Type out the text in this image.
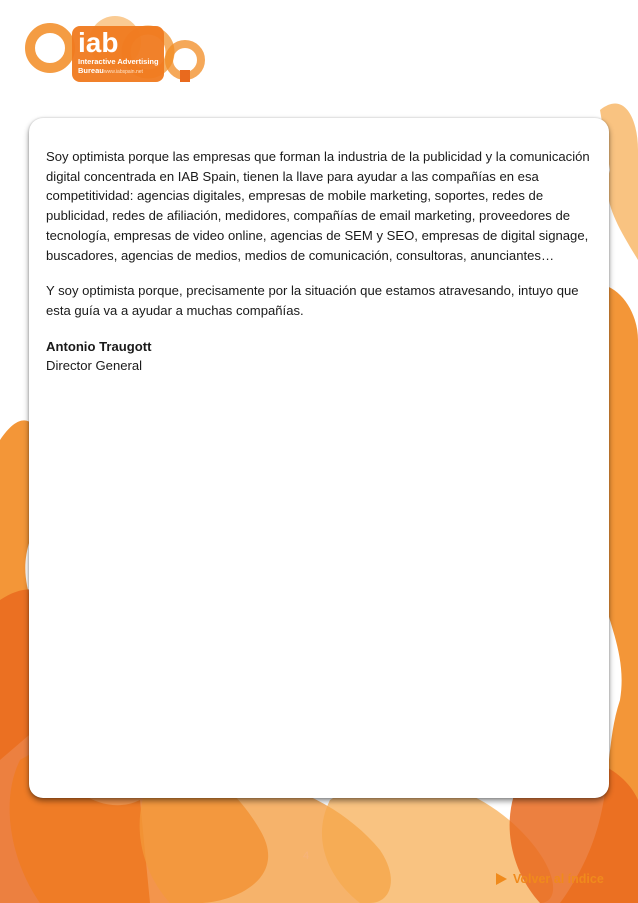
iab
Interactive Advertising
Bureau www.iabspain.net

Soy optimista porque las empresas que forman la industria de la publicidad y la comunicación digital concentrada en IAB Spain, tienen la llave para ayudar a las compañías en esa competitividad: agencias digitales, empresas de mobile marketing, soportes, redes de publicidad, redes de afiliación, medidores, compañías de email marketing, proveedores de tecnología, empresas de video online, agencias de SEM y SEO, empresas de digital signage, buscadores, agencias de medios, medios de comunicación, consultoras, anunciantes…

Y soy optimista porque, precisamente por la situación que estamos atravesando, intuyo que esta guía va a ayudar a muchas compañías.

Antonio Traugott
Director General

4
Volver al índice
